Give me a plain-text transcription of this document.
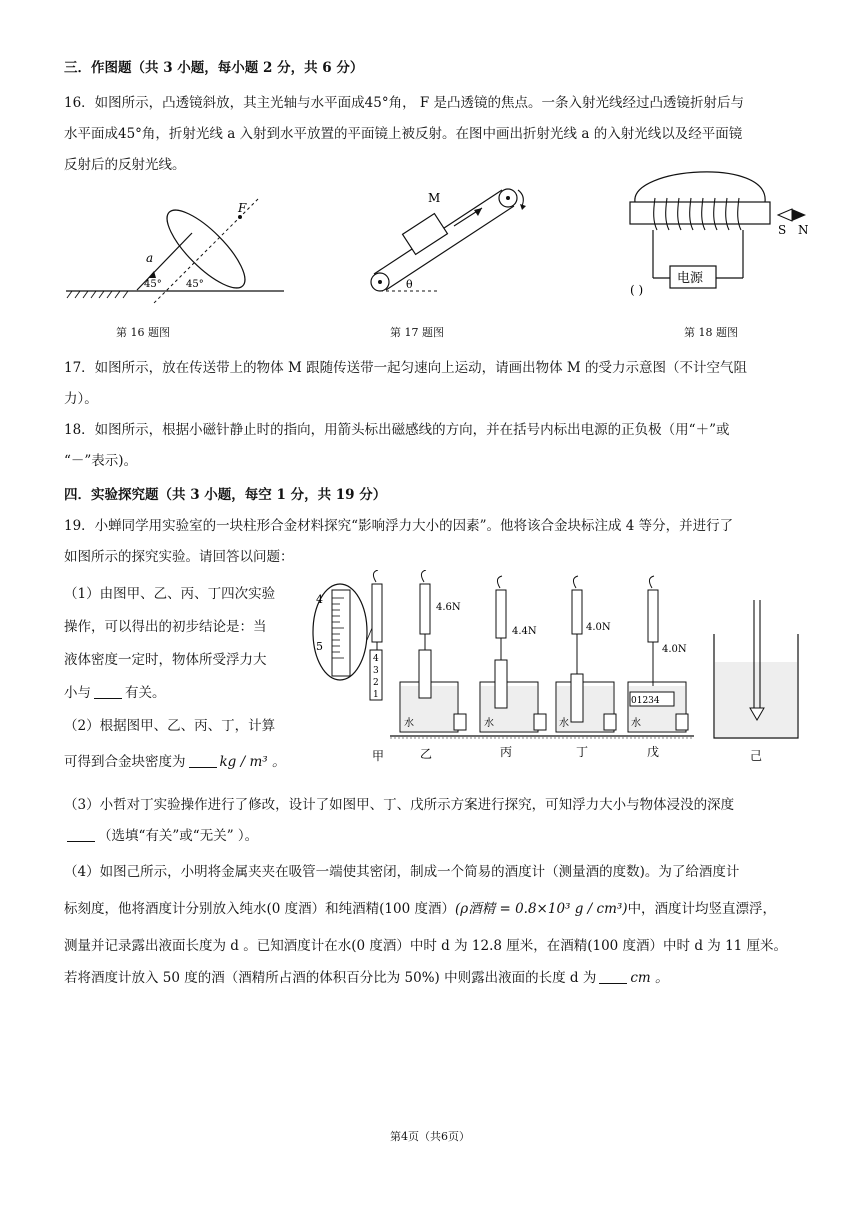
三．作图题（共 3 小题，每小题 2 分，共 6 分）
16．如图所示，凸透镜斜放，其主光轴与水平面成45°角， F 是凸透镜的焦点。一条入射光线经过凸透镜折射后与
水平面成45°角，折射光线 a 入射到水平放置的平面镜上被反射。在图中画出折射光线 a 的入射光线以及经平面镜
反射后的反射光线。
F
a
45° 45°
第 16 题图
M
θ
第 17 题图
电源
S N
( )
第 18 题图
17．如图所示，放在传送带上的物体 M 跟随传送带一起匀速向上运动，请画出物体 M 的受力示意图（不计空气阻
力）。
18．如图所示，根据小磁针静止时的指向，用箭头标出磁感线的方向，并在括号内标出电源的正负极（用“＋”或
“－”表示)。
四．实验探究题（共 3 小题，每空 1 分，共 19 分）
19．小蝉同学用实验室的一块柱形合金材料探究“影响浮力大小的因素”。他将该合金块标注成 4 等分，并进行了
如图所示的探究实验。请回答以问题：
（1）由图甲、乙、丙、丁四次实验
操作，可以得出的初步结论是：当
液体密度一定时，物体所受浮力大
小与	有关。
（2）根据图甲、乙、丙、丁，计算
可得到合金块密度为	kg / m³ 。
4
5
4
3
2
1
4.6N
水
4.4N
水
4.0N
水
4.0N
01234
水
甲	乙	丙	丁	戊	己
（3）小哲对丁实验操作进行了修改，设计了如图甲、丁、戊所示方案进行探究，可知浮力大小与物体浸没的深度
（选填“有关”或“无关” ）。
（4）如图己所示，小明将金属夹夹在吸管一端使其密闭，制成一个简易的酒度计（测量酒的度数)。为了给酒度计
标刻度，他将酒度计分别放入纯水(0 度酒）和纯酒精(100 度酒）(ρ酒精 = 0.8×10³ g / cm³)中，酒度计均竖直漂浮，
测量并记录露出液面长度为 d 。已知酒度计在水(0 度酒）中时 d 为 12.8 厘米，在酒精(100 度酒）中时 d 为 11 厘米。
若将酒度计放入 50 度的酒（酒精所占酒的体积百分比为 50%) 中则露出液面的长度 d 为	cm 。
第4页（共6页）
